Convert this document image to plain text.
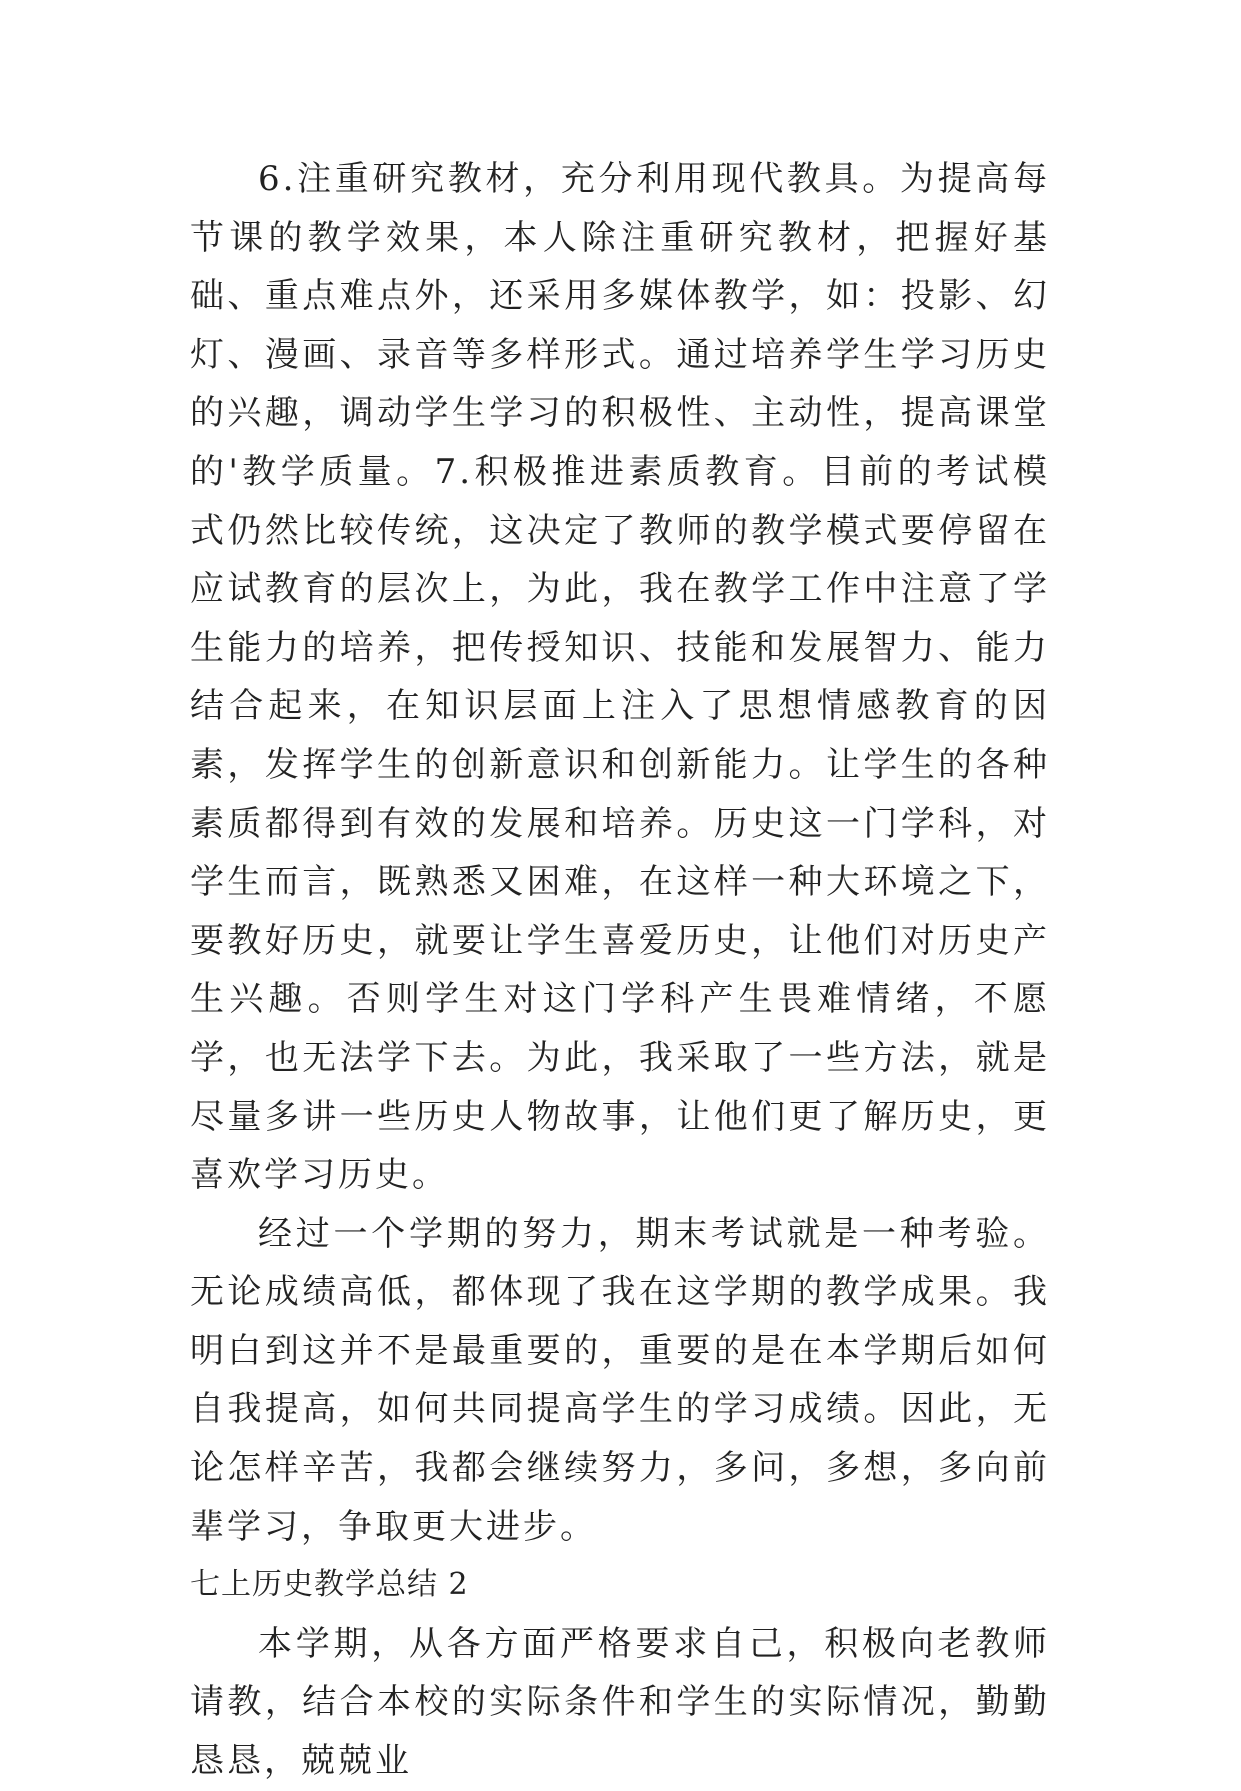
6.注重研究教材，充分利用现代教具。为提高每节课的教学效果，本人除注重研究教材，把握好基础、重点难点外，还采用多媒体教学，如：投影、幻灯、漫画、录音等多样形式。通过培养学生学习历史的兴趣，调动学生学习的积极性、主动性，提高课堂的'教学质量。7.积极推进素质教育。目前的考试模式仍然比较传统，这决定了教师的教学模式要停留在应试教育的层次上，为此，我在教学工作中注意了学生能力的培养，把传授知识、技能和发展智力、能力结合起来，在知识层面上注入了思想情感教育的因素，发挥学生的创新意识和创新能力。让学生的各种素质都得到有效的发展和培养。历史这一门学科，对学生而言，既熟悉又困难，在这样一种大环境之下，要教好历史，就要让学生喜爱历史，让他们对历史产生兴趣。否则学生对这门学科产生畏难情绪，不愿学，也无法学下去。为此，我采取了一些方法，就是尽量多讲一些历史人物故事，让他们更了解历史，更喜欢学习历史。

经过一个学期的努力，期末考试就是一种考验。无论成绩高低，都体现了我在这学期的教学成果。我明白到这并不是最重要的，重要的是在本学期后如何自我提高，如何共同提高学生的学习成绩。因此，无论怎样辛苦，我都会继续努力，多问，多想，多向前辈学习，争取更大进步。

七上历史教学总结 2

本学期，从各方面严格要求自己，积极向老教师请教，结合本校的实际条件和学生的实际情况，勤勤恳恳，兢兢业
